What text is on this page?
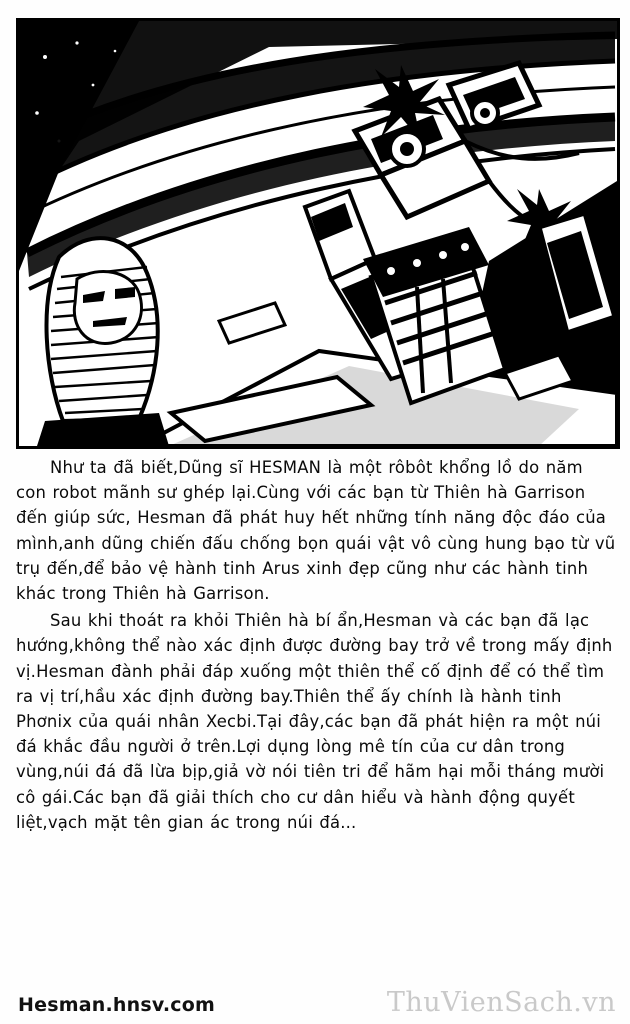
Như ta đã biết,Dũng sĩ HESMAN là một rôbôt khổng lồ do năm con robot mãnh sư ghép lại.Cùng với các bạn từ Thiên hà Garrison đến giúp sức, Hesman đã phát huy hết những tính năng độc đáo của mình,anh dũng chiến đấu chống bọn quái vật vô cùng hung bạo từ vũ trụ đến,để bảo vệ hành tinh Arus xinh đẹp cũng như các hành tinh khác trong Thiên hà Garrison.

Sau khi thoát ra khỏi Thiên hà bí ẩn,Hesman và các bạn đã lạc hướng,không thể nào xác định được đường bay trở về trong mấy định vị.Hesman đành phải đáp xuống một thiên thể cố định để có thể tìm ra vị trí,hầu xác định đường bay.Thiên thể ấy chính là hành tinh Phơnix của quái nhân Xecbi.Tại đây,các bạn đã phát hiện ra một núi đá khắc đầu người ở trên.Lợi dụng lòng mê tín của cư dân trong vùng,núi đá đã lừa bịp,giả vờ nói tiên tri để hãm hại mỗi tháng mười cô gái.Các bạn đã giải thích cho cư dân hiểu và hành động quyết liệt,vạch mặt tên gian ác trong núi đá...

Hesman.hnsv.com	ThuVienSach.vn
